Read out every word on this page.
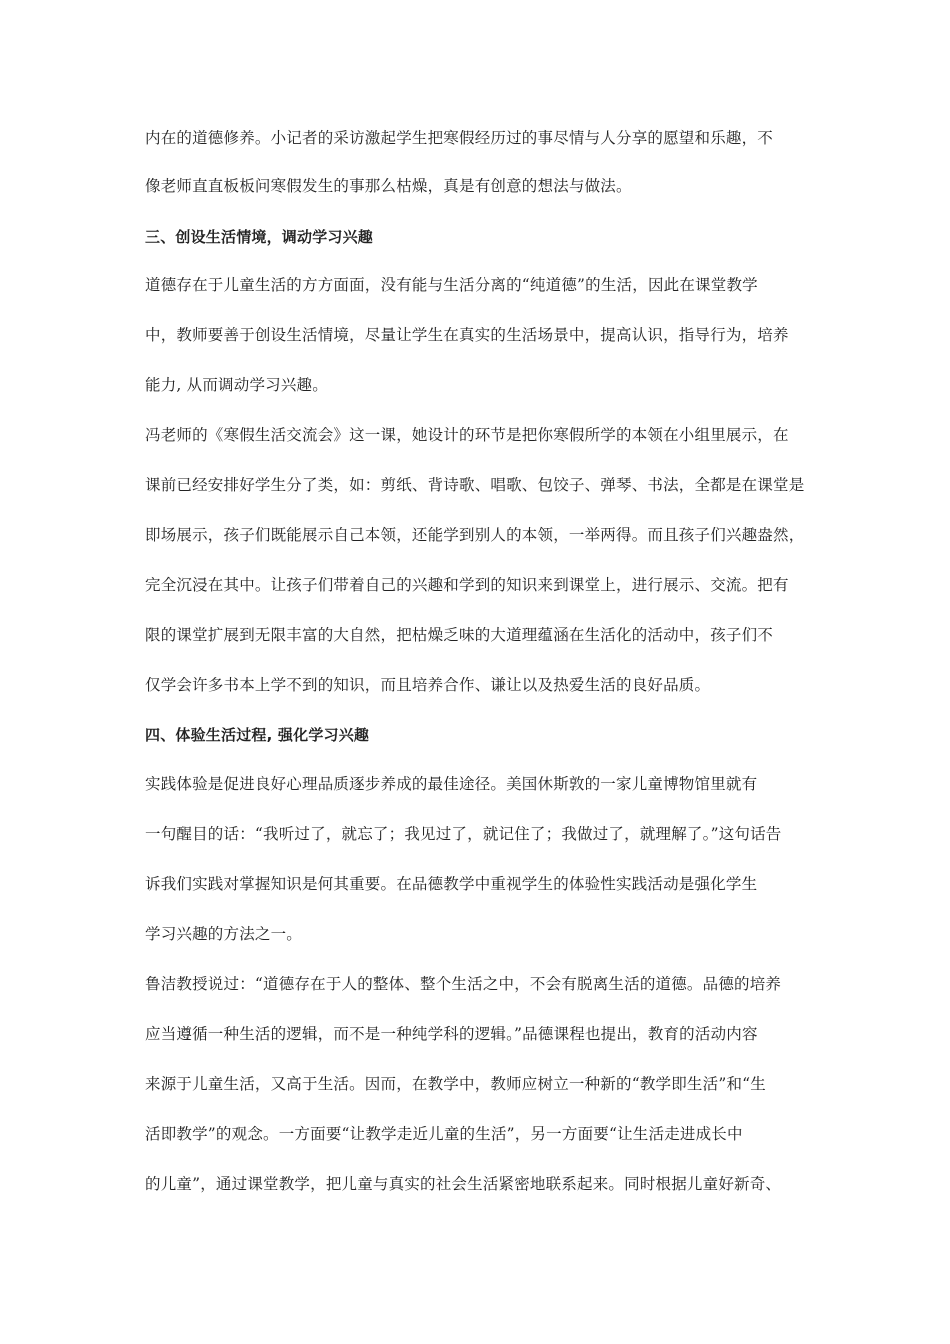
内在的道德修养。小记者的采访激起学生把寒假经历过的事尽情与人分享的愿望和乐趣，不
像老师直直板板问寒假发生的事那么枯燥，真是有创意的想法与做法。
三、创设生活情境，调动学习兴趣
道德存在于儿童生活的方方面面，没有能与生活分离的“纯道德”的生活，因此在课堂教学
中，教师要善于创设生活情境，尽量让学生在真实的生活场景中，提高认识，指导行为，培养
能力, 从而调动学习兴趣。
冯老师的《寒假生活交流会》这一课，她设计的环节是把你寒假所学的本领在小组里展示，在
课前已经安排好学生分了类，如：剪纸、背诗歌、唱歌、包饺子、弹琴、书法，全都是在课堂是
即场展示，孩子们既能展示自己本领，还能学到别人的本领，一举两得。而且孩子们兴趣盎然，
完全沉浸在其中。让孩子们带着自己的兴趣和学到的知识来到课堂上，进行展示、交流。把有
限的课堂扩展到无限丰富的大自然，把枯燥乏味的大道理蕴涵在生活化的活动中，孩子们不
仅学会许多书本上学不到的知识，而且培养合作、谦让以及热爱生活的良好品质。
四、体验生活过程, 强化学习兴趣
实践体验是促进良好心理品质逐步养成的最佳途径。美国休斯敦的一家儿童博物馆里就有
一句醒目的话：“我听过了，就忘了；我见过了，就记住了；我做过了，就理解了。”这句话告
诉我们实践对掌握知识是何其重要。在品德教学中重视学生的体验性实践活动是强化学生
学习兴趣的方法之一。
鲁洁教授说过：“道德存在于人的整体、整个生活之中，不会有脱离生活的道德。品德的培养
应当遵循一种生活的逻辑，而不是一种纯学科的逻辑。”品德课程也提出，教育的活动内容
来源于儿童生活，又高于生活。因而，在教学中，教师应树立一种新的“教学即生活”和“生
活即教学”的观念。一方面要“让教学走近儿童的生活”，另一方面要“让生活走进成长中
的儿童”，通过课堂教学，把儿童与真实的社会生活紧密地联系起来。同时根据儿童好新奇、
